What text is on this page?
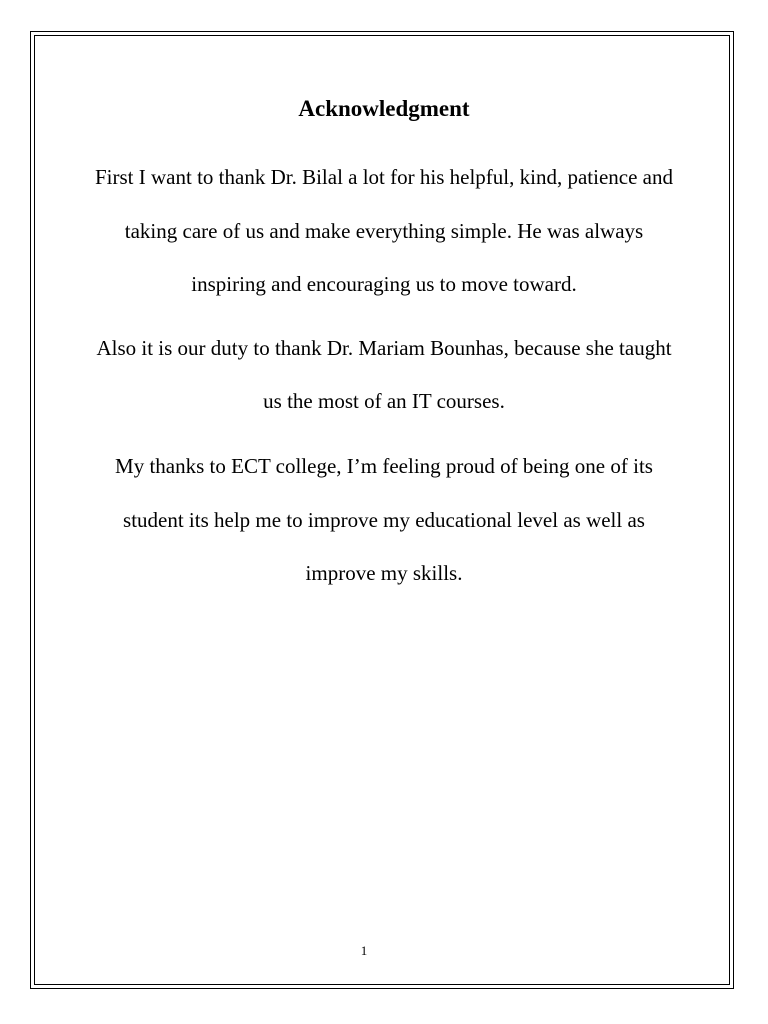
Acknowledgment
First I want to thank Dr. Bilal a lot for his helpful, kind, patience and
taking care of us and make everything simple. He was always
inspiring and encouraging us to move toward.
Also it is our duty to thank Dr. Mariam Bounhas, because she taught
us the most of an IT courses.
My thanks to ECT college, I’m feeling proud of being one of its
student its help me to improve my educational level as well as
improve my skills.
1
